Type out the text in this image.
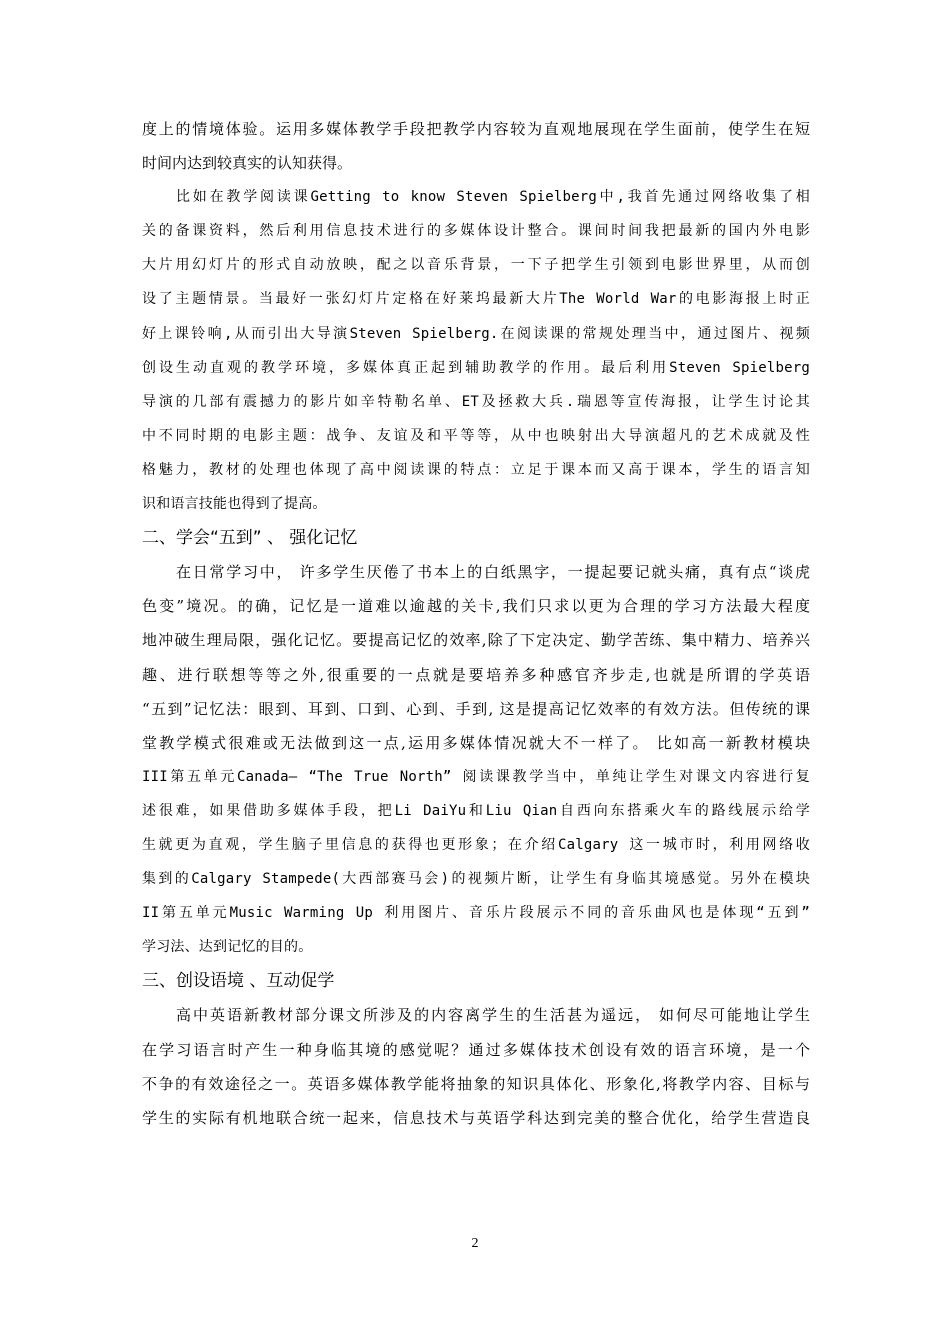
度上的情境体验。运用多媒体教学手段把教学内容较为直观地展现在学生面前，使学生在短
时间内达到较真实的认知获得。
比如在教学阅读课Getting to know Steven Spielberg中,我首先通过网络收集了相
关的备课资料，然后利用信息技术进行的多媒体设计整合。课间时间我把最新的国内外电影
大片用幻灯片的形式自动放映，配之以音乐背景，一下子把学生引领到电影世界里，从而创
设了主题情景。当最好一张幻灯片定格在好莱坞最新大片The World War的电影海报上时正
好上课铃响,从而引出大导演Steven Spielberg.在阅读课的常规处理当中，通过图片、视频
创设生动直观的教学环境，多媒体真正起到辅助教学的作用。最后利用Steven Spielberg
导演的几部有震撼力的影片如辛特勒名单、ET及拯救大兵.瑞恩等宣传海报，让学生讨论其
中不同时期的电影主题：战争、友谊及和平等等，从中也映射出大导演超凡的艺术成就及性
格魅力，教材的处理也体现了高中阅读课的特点：立足于课本而又高于课本，学生的语言知
识和语言技能也得到了提高。
二、学会“五到” 、 强化记忆
在日常学习中， 许多学生厌倦了书本上的白纸黑字，一提起要记就头痛，真有点“谈虎
色变”境况。的确，记忆是一道难以逾越的关卡,我们只求以更为合理的学习方法最大程度
地冲破生理局限，强化记忆。要提高记忆的效率,除了下定决定、勤学苦练、集中精力、培养兴
趣、进行联想等等之外,很重要的一点就是要培养多种感官齐步走,也就是所谓的学英语
“五到”记忆法：眼到、耳到、口到、心到、手到, 这是提高记忆效率的有效方法。但传统的课
堂教学模式很难或无法做到这一点,运用多媒体情况就大不一样了。 比如高一新教材模块
III第五单元Canada— “The True North” 阅读课教学当中，单纯让学生对课文内容进行复
述很难，如果借助多媒体手段，把Li DaiYu和Liu Qian自西向东搭乘火车的路线展示给学
生就更为直观，学生脑子里信息的获得也更形象；在介绍Calgary 这一城市时，利用网络收
集到的Calgary Stampede(大西部赛马会)的视频片断，让学生有身临其境感觉。另外在模块
II第五单元Music Warming Up 利用图片、音乐片段展示不同的音乐曲风也是体现“五到”
学习法、达到记忆的目的。
三、创设语境 、互动促学
高中英语新教材部分课文所涉及的内容离学生的生活甚为遥远， 如何尽可能地让学生
在学习语言时产生一种身临其境的感觉呢？通过多媒体技术创设有效的语言环境，是一个
不争的有效途径之一。英语多媒体教学能将抽象的知识具体化、形象化,将教学内容、目标与
学生的实际有机地联合统一起来，信息技术与英语学科达到完美的整合优化，给学生营造良
2
